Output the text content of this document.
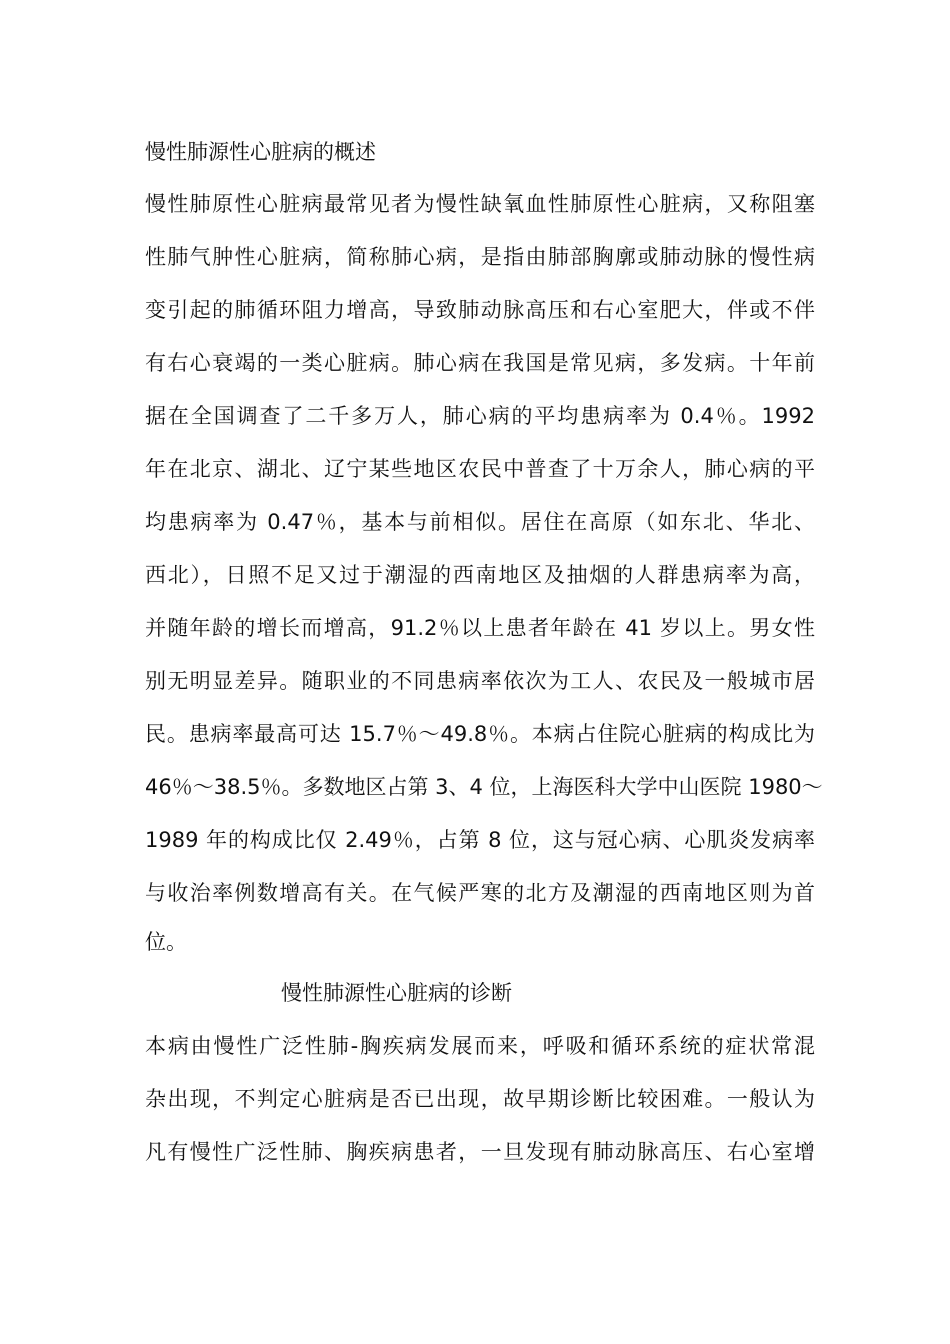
慢性肺源性心脏病的概述
慢性肺原性心脏病最常见者为慢性缺氧血性肺原性心脏病，又称阻塞
性肺气肿性心脏病，简称肺心病，是指由肺部胸廓或肺动脉的慢性病
变引起的肺循环阻力增高，导致肺动脉高压和右心室肥大，伴或不伴
有右心衰竭的一类心脏病。肺心病在我国是常见病，多发病。十年前
据在全国调查了二千多万人，肺心病的平均患病率为 0.4％。1992
年在北京、湖北、辽宁某些地区农民中普查了十万余人，肺心病的平
均患病率为 0.47％，基本与前相似。居住在高原（如东北、华北、
西北），日照不足又过于潮湿的西南地区及抽烟的人群患病率为高，
并随年龄的增长而增高，91.2％以上患者年龄在 41 岁以上。男女性
别无明显差异。随职业的不同患病率依次为工人、农民及一般城市居
民。患病率最高可达 15.7％～49.8％。本病占住院心脏病的构成比为
46％～38.5％。多数地区占第 3、4 位，上海医科大学中山医院 1980～
1989 年的构成比仅 2.49％，占第 8 位，这与冠心病、心肌炎发病率
与收治率例数增高有关。在气候严寒的北方及潮湿的西南地区则为首
位。
慢性肺源性心脏病的诊断
本病由慢性广泛性肺-胸疾病发展而来，呼吸和循环系统的症状常混
杂出现，不判定心脏病是否已出现，故早期诊断比较困难。一般认为
凡有慢性广泛性肺、胸疾病患者，一旦发现有肺动脉高压、右心室增
